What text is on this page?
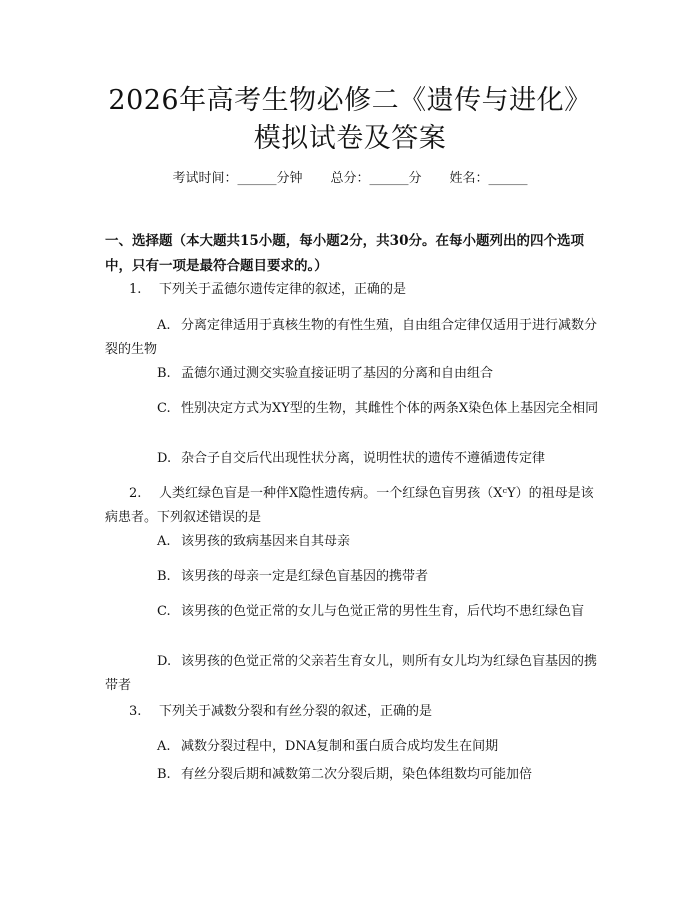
2026年高考生物必修二《遗传与进化》模拟试卷及答案
考试时间：______分钟 总分：______分 姓名：______

一、选择题（本大题共15小题，每小题2分，共30分。在每小题列出的四个选项中，只有一项是最符合题目要求的。）

1. 下列关于孟德尔遗传定律的叙述，正确的是
A. 分离定律适用于真核生物的有性生殖，自由组合定律仅适用于进行减数分裂的生物
B. 孟德尔通过测交实验直接证明了基因的分离和自由组合
C. 性别决定方式为XY型的生物，其雌性个体的两条X染色体上基因完全相同
D. 杂合子自交后代出现性状分离，说明性状的遗传不遵循遗传定律
2. 人类红绿色盲是一种伴X隐性遗传病。一个红绿色盲男孩（XᶜY）的祖母是该病患者。下列叙述错误的是
A. 该男孩的致病基因来自其母亲
B. 该男孩的母亲一定是红绿色盲基因的携带者
C. 该男孩的色觉正常的女儿与色觉正常的男性生育，后代均不患红绿色盲
D. 该男孩的色觉正常的父亲若生育女儿，则所有女儿均为红绿色盲基因的携带者
3. 下列关于减数分裂和有丝分裂的叙述，正确的是
A. 减数分裂过程中，DNA复制和蛋白质合成均发生在间期
B. 有丝分裂后期和减数第二次分裂后期，染色体组数均可能加倍
